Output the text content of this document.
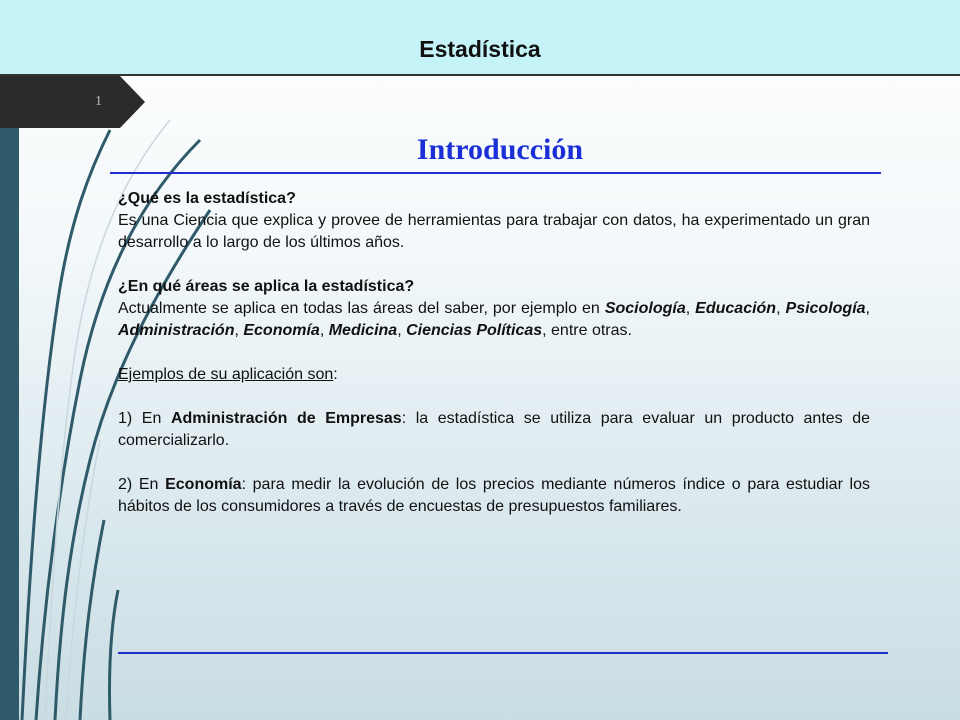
Estadística
1
Introducción

¿Qué es la estadística?

Es una Ciencia que explica y provee de herramientas para trabajar con datos, ha experimentado un gran desarrollo a lo largo de los últimos años.

¿En qué áreas se aplica la estadística?

Actualmente se aplica en todas las áreas del saber, por ejemplo en Sociología, Educación, Psicología, Administración, Economía, Medicina, Ciencias Políticas, entre otras.

Ejemplos de su aplicación son:

1) En Administración de Empresas: la estadística se utiliza para evaluar un producto antes de comercializarlo.

2) En Economía: para medir la evolución de los precios mediante números índice o para estudiar los hábitos de los consumidores a través de encuestas de presupuestos familiares.
